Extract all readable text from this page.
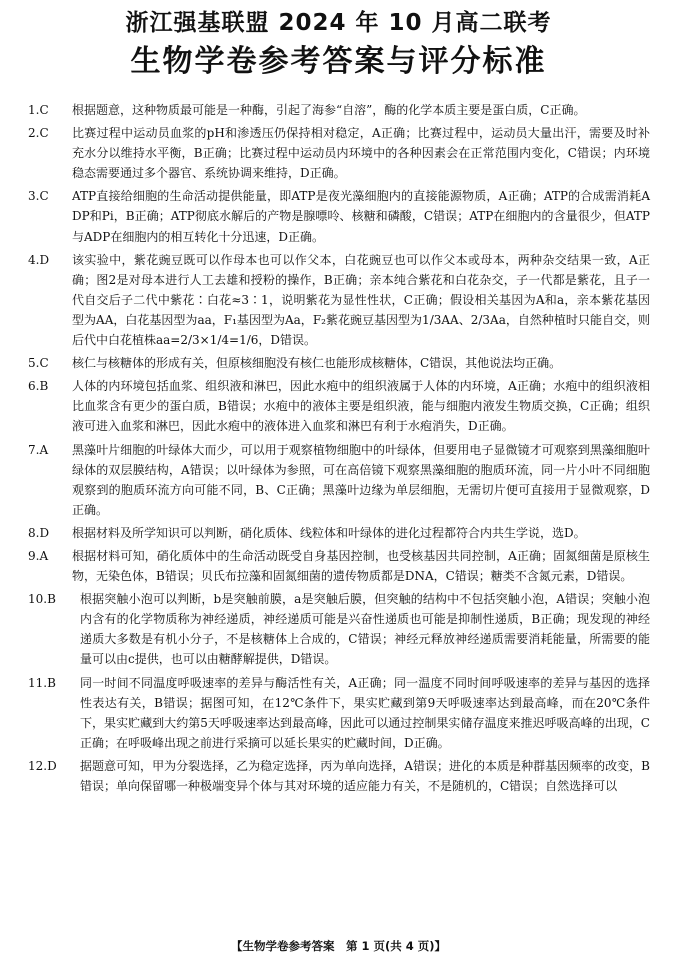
浙江强基联盟 2024 年 10 月高二联考
生物学卷参考答案与评分标准
1.C 根据题意，这种物质最可能是一种酶，引起了海参“自溶”，酶的化学本质主要是蛋白质，C正确。
2.C 比赛过程中运动员血浆的pH和渗透压仍保持相对稳定，A正确；比赛过程中，运动员大量出汗，需要及时补充水分以维持水平衡，B正确；比赛过程中运动员内环境中的各种因素会在正常范围内变化，C错误；内环境稳态需要通过多个器官、系统协调来维持，D正确。
3.C ATP直接给细胞的生命活动提供能量，即ATP是夜光藻细胞内的直接能源物质，A正确；ATP的合成需消耗ADP和Pi，B正确；ATP彻底水解后的产物是腺嘌呤、核糖和磷酸，C错误；ATP在细胞内的含量很少，但ATP与ADP在细胞内的相互转化十分迅速，D正确。
4.D 该实验中，紫花豌豆既可以作母本也可以作父本，白花豌豆也可以作父本或母本，两种杂交结果一致，A正确；图2是对母本进行人工去雄和授粉的操作，B正确；亲本纯合紫花和白花杂交，子一代都是紫花，且子一代自交后子二代中紫花∶白花≈3∶1，说明紫花为显性性状，C正确；假设相关基因为A和a，亲本紫花基因型为AA，白花基因型为aa，F₁基因型为Aa，F₂紫花豌豆基因型为1/3AA、2/3Aa，自然种植时只能自交，则后代中白花植株aa=2/3×1/4=1/6，D错误。
5.C 核仁与核糖体的形成有关，但原核细胞没有核仁也能形成核糖体，C错误，其他说法均正确。
6.B 人体的内环境包括血浆、组织液和淋巴，因此水疱中的组织液属于人体的内环境，A正确；水疱中的组织液相比血浆含有更少的蛋白质，B错误；水疱中的液体主要是组织液，能与细胞内液发生物质交换，C正确；组织液可进入血浆和淋巴，因此水疱中的液体进入血浆和淋巴有利于水疱消失，D正确。
7.A 黑藻叶片细胞的叶绿体大而少，可以用于观察植物细胞中的叶绿体，但要用电子显微镜才可观察到黑藻细胞叶绿体的双层膜结构，A错误；以叶绿体为参照，可在高倍镜下观察黑藻细胞的胞质环流，同一片小叶不同细胞观察到的胞质环流方向可能不同，B、C正确；黑藻叶边缘为单层细胞，无需切片便可直接用于显微观察，D正确。
8.D 根据材料及所学知识可以判断，硝化质体、线粒体和叶绿体的进化过程都符合内共生学说，选D。
9.A 根据材料可知，硝化质体中的生命活动既受自身基因控制，也受核基因共同控制，A正确；固氮细菌是原核生物，无染色体，B错误；贝氏布拉藻和固氮细菌的遗传物质都是DNA，C错误；糖类不含氮元素，D错误。
10.B 根据突触小泡可以判断，b是突触前膜，a是突触后膜，但突触的结构中不包括突触小泡，A错误；突触小泡内含有的化学物质称为神经递质，神经递质可能是兴奋性递质也可能是抑制性递质，B正确；现发现的神经递质大多数是有机小分子，不是核糖体上合成的，C错误；神经元释放神经递质需要消耗能量，所需要的能量可以由c提供，也可以由糖酵解提供，D错误。
11.B 同一时间不同温度呼吸速率的差异与酶活性有关，A正确；同一温度不同时间呼吸速率的差异与基因的选择性表达有关，B错误；据图可知，在12℃条件下，果实贮藏到第9天呼吸速率达到最高峰，而在20℃条件下，果实贮藏到大约第5天呼吸速率达到最高峰，因此可以通过控制果实储存温度来推迟呼吸高峰的出现，C正确；在呼吸峰出现之前进行采摘可以延长果实的贮藏时间，D正确。
12.D 据题意可知，甲为分裂选择，乙为稳定选择，丙为单向选择，A错误；进化的本质是种群基因频率的改变，B错误；单向保留哪一种极端变异个体与其对环境的适应能力有关，不是随机的，C错误；自然选择可以
【生物学卷参考答案　第 1 页(共 4 页)】
